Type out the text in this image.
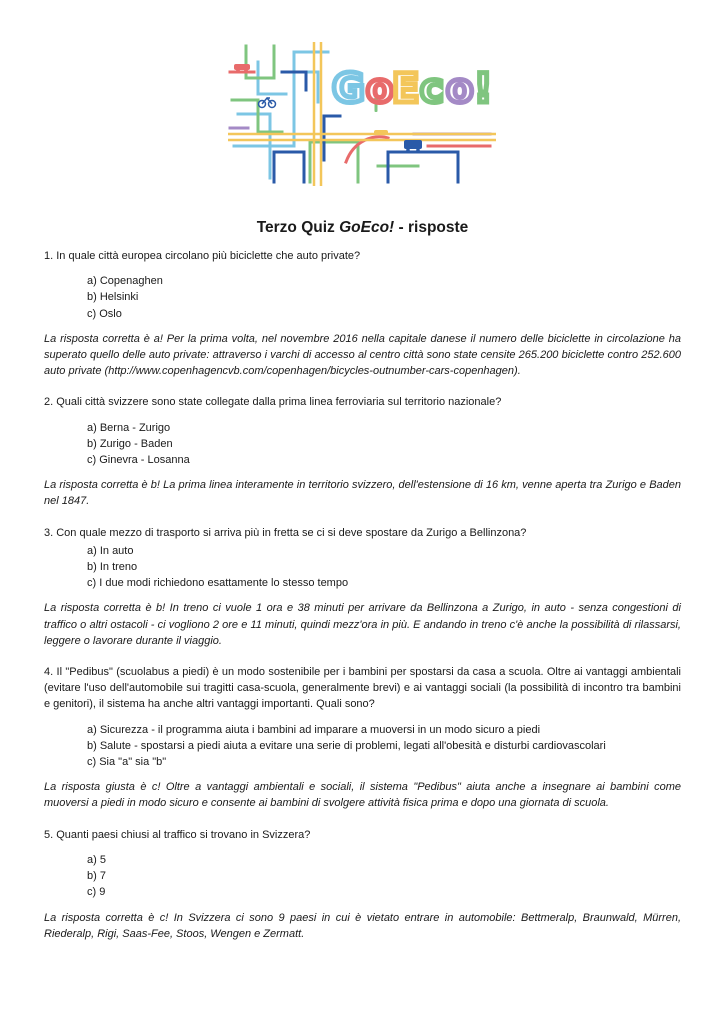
G o
E c o !
Terzo Quiz GoEco! - risposte

1. In quale città europea circolano più biciclette che auto private?

a) Copenaghen
b) Helsinki
c) Oslo

La risposta corretta è a! Per la prima volta, nel novembre 2016 nella capitale danese il numero delle biciclette in circolazione ha superato quello delle auto private: attraverso i varchi di accesso al centro città sono state censite 265.200 biciclette contro 252.600 auto private (http://www.copenhagencvb.com/copenhagen/bicycles-outnumber-cars-copenhagen).

2. Quali città svizzere sono state collegate dalla prima linea ferroviaria sul territorio nazionale?

a) Berna - Zurigo
b) Zurigo - Baden
c) Ginevra - Losanna

La risposta corretta è b! La prima linea interamente in territorio svizzero, dell'estensione di 16 km, venne aperta tra Zurigo e Baden nel 1847.

3. Con quale mezzo di trasporto si arriva più in fretta se ci si deve spostare da Zurigo a Bellinzona?

a) In auto
b) In treno
c) I due modi richiedono esattamente lo stesso tempo

La risposta corretta è b! In treno ci vuole 1 ora e 38 minuti per arrivare da Bellinzona a Zurigo, in auto - senza congestioni di traffico o altri ostacoli - ci vogliono 2 ore e 11 minuti, quindi mezz'ora in più. E andando in treno c'è anche la possibilità di rilassarsi, leggere o lavorare durante il viaggio.

4. Il "Pedibus" (scuolabus a piedi) è un modo sostenibile per i bambini per spostarsi da casa a scuola. Oltre ai vantaggi ambientali (evitare l'uso dell'automobile sui tragitti casa-scuola, generalmente brevi) e ai vantaggi sociali (la possibilità di incontro tra bambini e genitori), il sistema ha anche altri vantaggi importanti. Quali sono?

a) Sicurezza - il programma aiuta i bambini ad imparare a muoversi in un modo sicuro a piedi
b) Salute - spostarsi a piedi aiuta a evitare una serie di problemi, legati all'obesità e disturbi cardiovascolari
c) Sia "a" sia "b"

La risposta giusta è c! Oltre a vantaggi ambientali e sociali, il sistema "Pedibus" aiuta anche a insegnare ai bambini come muoversi a piedi in modo sicuro e consente ai bambini di svolgere attività fisica prima e dopo una giornata di scuola.

5. Quanti paesi chiusi al traffico si trovano in Svizzera?

a) 5
b) 7
c) 9

La risposta corretta è c! In Svizzera ci sono 9 paesi in cui è vietato entrare in automobile: Bettmeralp, Braunwald, Mürren, Riederalp, Rigi, Saas-Fee, Stoos, Wengen e Zermatt.
